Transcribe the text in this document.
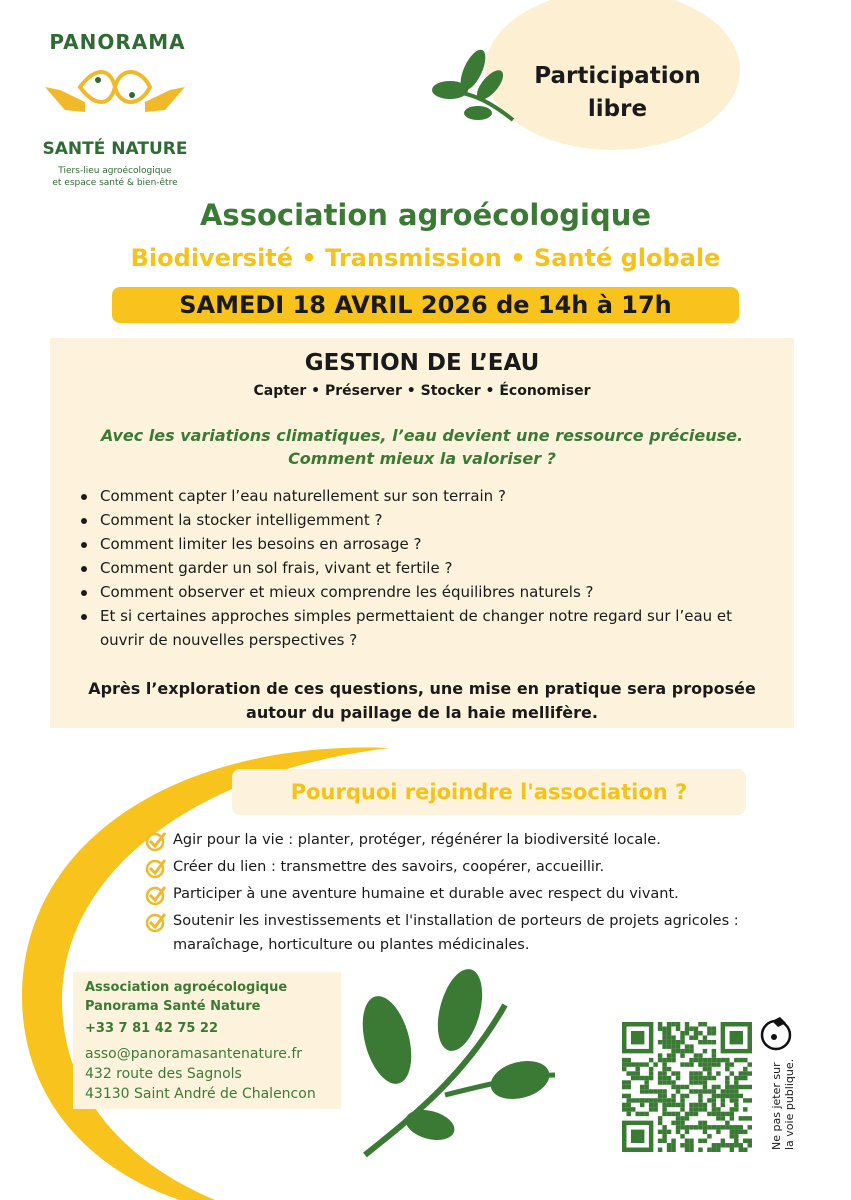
PANORAMA
SANTÉ NATURE
Tiers-lieu agroécologique
et espace santé & bien-être
Participation
libre
Association agroécologique
Biodiversité • Transmission • Santé globale
SAMEDI 18 AVRIL 2026 de 14h à 17h
GESTION DE L’EAU
Capter • Préserver • Stocker • Économiser
Avec les variations climatiques, l’eau devient une ressource précieuse.
Comment mieux la valoriser ?
Comment capter l’eau naturellement sur son terrain ?
Comment la stocker intelligemment ?
Comment limiter les besoins en arrosage ?
Comment garder un sol frais, vivant et fertile ?
Comment observer et mieux comprendre les équilibres naturels ?
Et si certaines approches simples permettaient de changer notre regard sur l’eau et ouvrir de nouvelles perspectives ?
Après l’exploration de ces questions, une mise en pratique sera proposée
autour du paillage de la haie mellifère.
Pourquoi rejoindre l'association ?
Agir pour la vie : planter, protéger, régénérer la biodiversité locale.
Créer du lien : transmettre des savoirs, coopérer, accueillir.
Participer à une aventure humaine et durable avec respect du vivant.
Soutenir les investissements et l'installation de porteurs de projets agricoles : maraîchage, horticulture ou plantes médicinales.
Association agroécologique
Panorama Santé Nature
+33 7 81 42 75 22
asso@panoramasantenature.fr
432 route des Sagnols
43130 Saint André de Chalencon	Ne pas jeter sur la voie publique.
